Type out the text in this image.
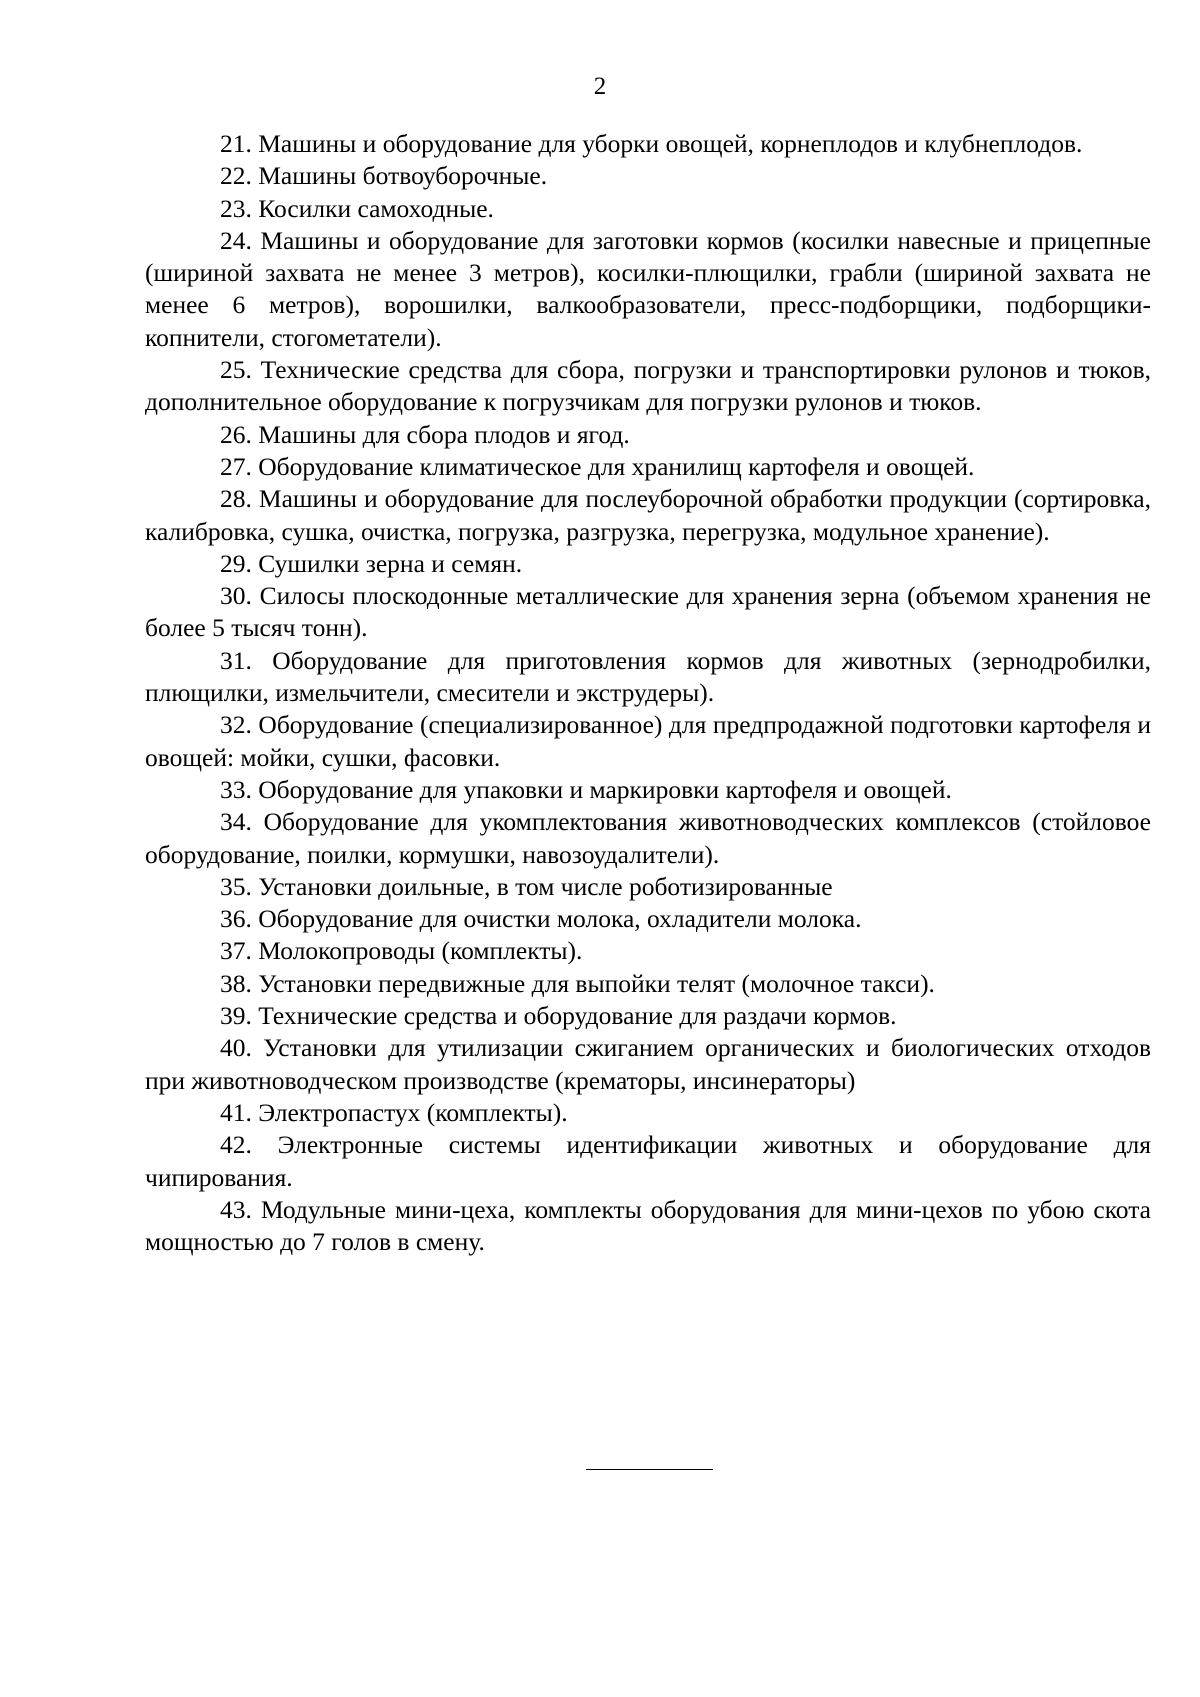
2

21. Машины и оборудование для уборки овощей, корнеплодов и клубнеплодов.

22. Машины ботвоуборочные.

23. Косилки самоходные.

24. Машины и оборудование для заготовки кормов (косилки навесные и прицепные (шириной захвата не менее 3 метров), косилки-плющилки, грабли (шириной захвата не менее 6 метров), ворошилки, валкообразователи, пресс-подборщики, подборщики-копнители, стогометатели).

25. Технические средства для сбора, погрузки и транспортировки рулонов и тюков, дополнительное оборудование к погрузчикам для погрузки рулонов и тюков.

26. Машины для сбора плодов и ягод.

27. Оборудование климатическое для хранилищ картофеля и овощей.

28. Машины и оборудование для послеуборочной обработки продукции (сортировка, калибровка, сушка, очистка, погрузка, разгрузка, перегрузка, модульное хранение).

29. Сушилки зерна и семян.

30. Силосы плоскодонные металлические для хранения зерна (объемом хранения не более 5 тысяч тонн).

31. Оборудование для приготовления кормов для животных (зернодробилки, плющилки, измельчители, смесители и экструдеры).

32. Оборудование (специализированное) для предпродажной подготовки картофеля и овощей: мойки, сушки, фасовки.

33. Оборудование для упаковки и маркировки картофеля и овощей.

34. Оборудование для укомплектования животноводческих комплексов (стойловое оборудование, поилки, кормушки, навозоудалители).

35. Установки доильные, в том числе роботизированные

36. Оборудование для очистки молока, охладители молока.

37. Молокопроводы (комплекты).

38. Установки передвижные для выпойки телят (молочное такси).

39. Технические средства и оборудование для раздачи кормов.

40. Установки для утилизации сжиганием органических и биологических отходов при животноводческом производстве (крематоры, инсинераторы)

41. Электропастух (комплекты).

42. Электронные системы идентификации животных и оборудование для чипирования.

43. Модульные мини-цеха, комплекты оборудования для мини-цехов по убою скота мощностью до 7 голов в смену.
